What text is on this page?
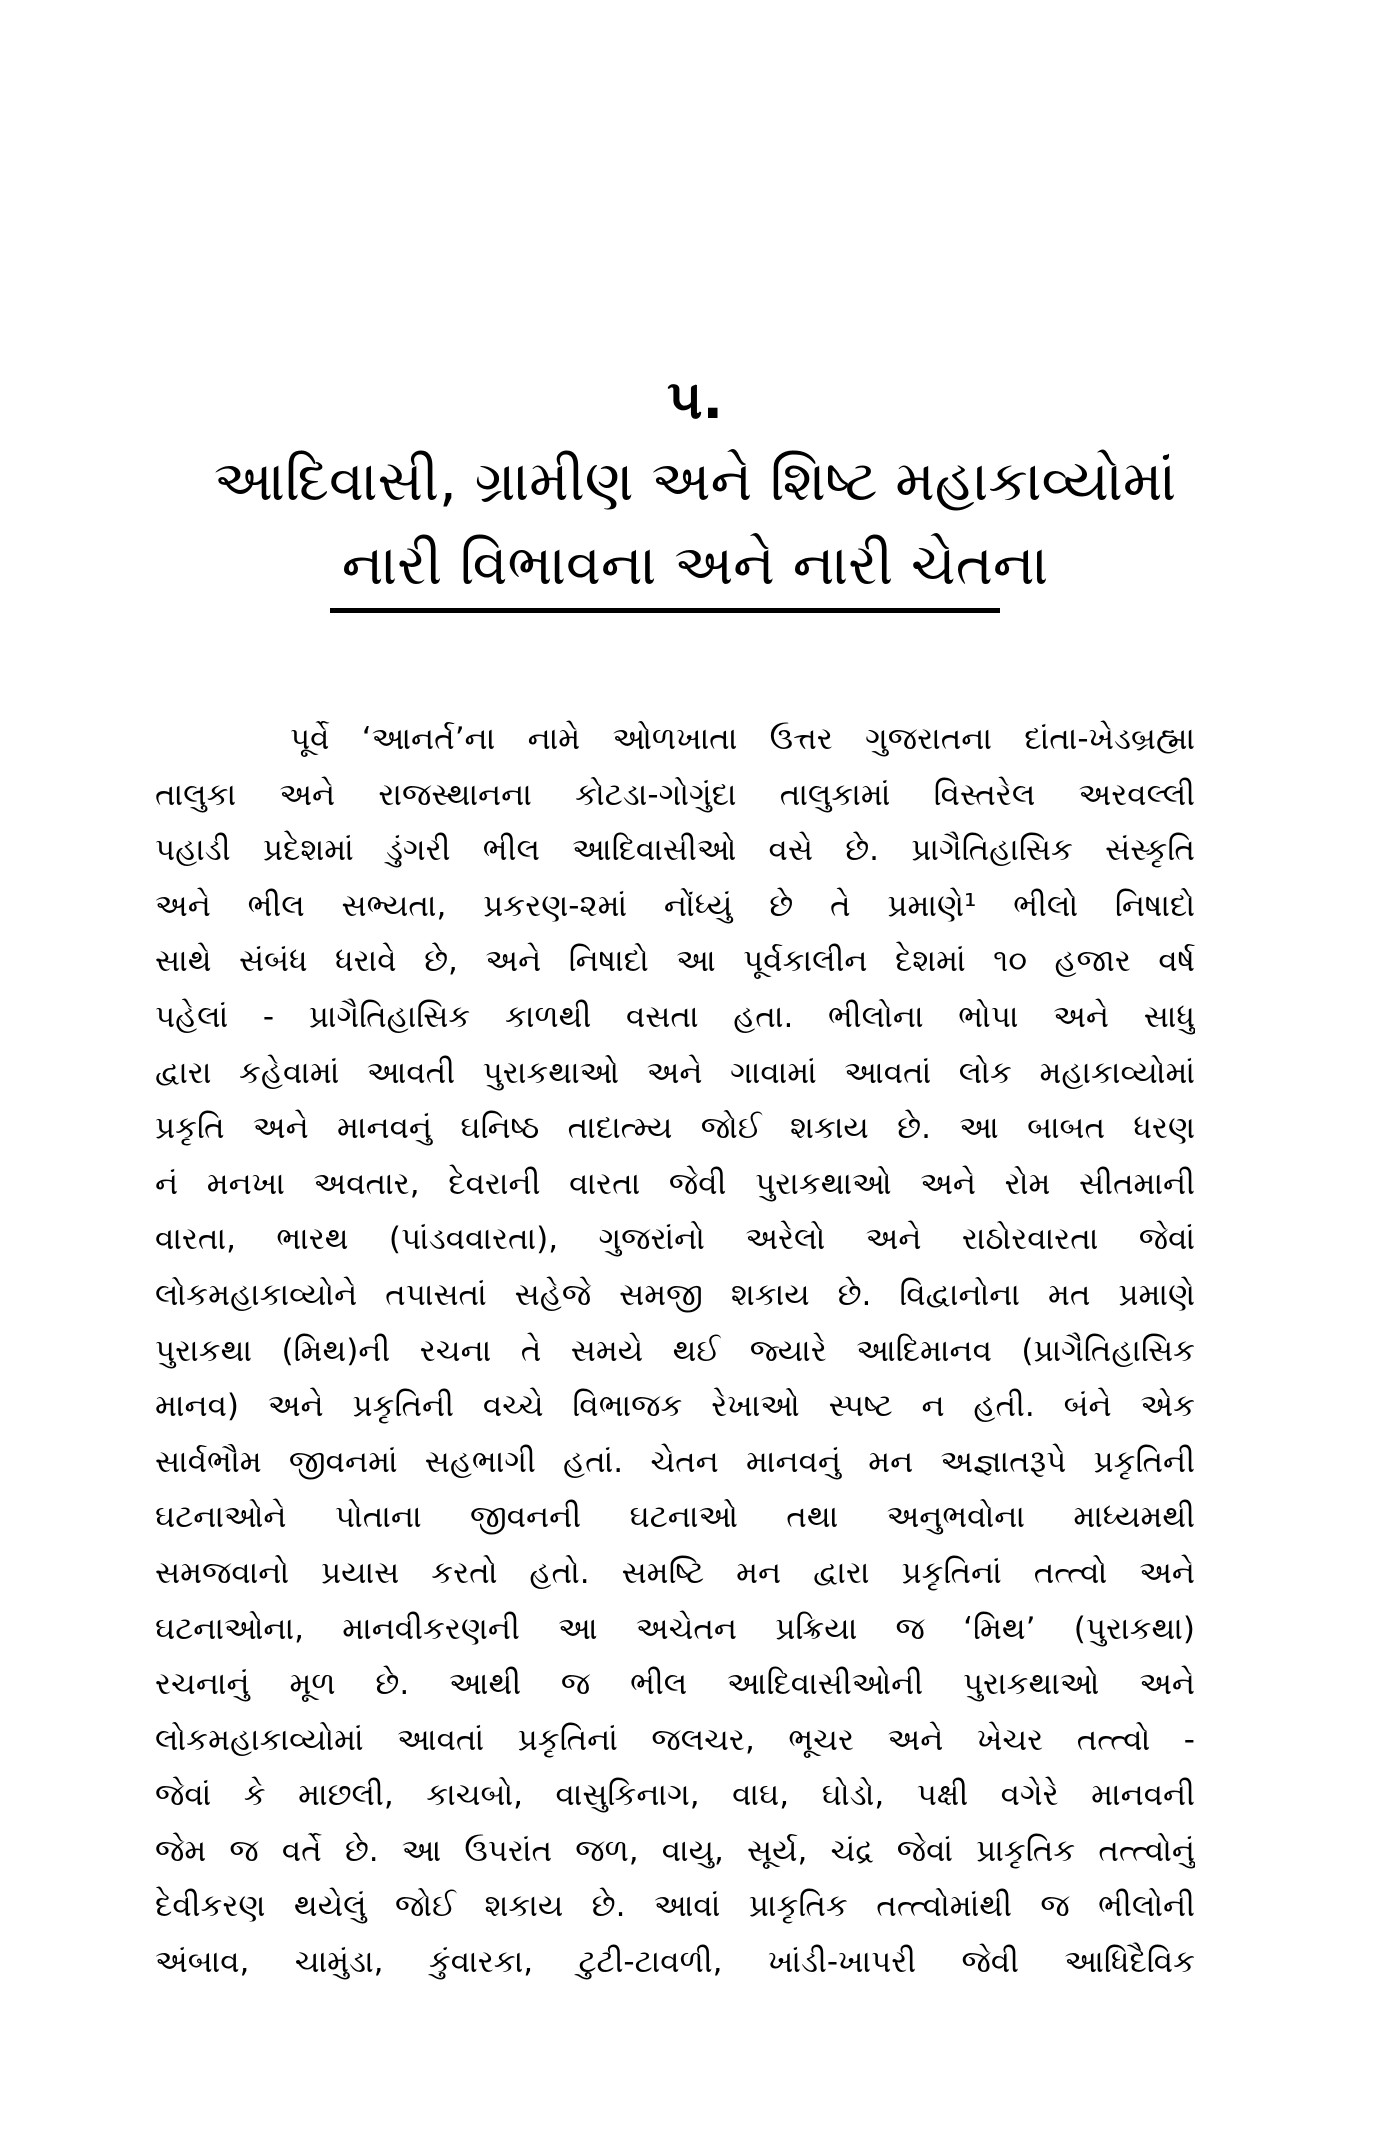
૫.
આદિવાસી, ગ્રામીણ અને શિષ્ટ મહાકાવ્યોમાં
નારી વિભાવના અને નારી ચેતના
પૂર્વે ‘આનર્ત’ના નામે ઓળખાતા ઉત્તર ગુજરાતના દાંતા-ખેડબ્રહ્મા
તાલુકા અને રાજસ્થાનના કોટડા-ગોગુંદા તાલુકામાં વિસ્તરેલ અરવલ્લી
પહાડી પ્રદેશમાં ડુંગરી ભીલ આદિવાસીઓ વસે છે. પ્રાગૈતિહાસિક સંસ્કૃતિ
અને ભીલ સભ્યતા, પ્રકરણ-૨માં નોંધ્યું છે તે પ્રમાણે¹ ભીલો નિષાદો
સાથે સંબંધ ધરાવે છે, અને નિષાદો આ પૂર્વકાલીન દેશમાં ૧૦ હજાર વર્ષ
પહેલાં - પ્રાગૈતિહાસિક કાળથી વસતા હતા. ભીલોના ભોપા અને સાધુ
દ્વારા કહેવામાં આવતી પુરાકથાઓ અને ગાવામાં આવતાં લોક મહાકાવ્યોમાં
પ્રકૃતિ અને માનવનું ઘનિષ્ઠ તાદાત્મ્ય જોઈ શકાય છે. આ બાબત ધરણ
નં મનખા અવતાર, દેવરાની વારતા જેવી પુરાકથાઓ અને રોમ સીતમાની
વારતા, ભારથ (પાંડવવારતા), ગુજરાંનો અરેલો અને રાઠોરવારતા જેવાં
લોકમહાકાવ્યોને તપાસતાં સહેજે સમજી શકાય છે. વિદ્વાનોના મત પ્રમાણે
પુરાકથા (મિથ)ની રચના તે સમયે થઈ જ્યારે આદિમાનવ (પ્રાગૈતિહાસિક
માનવ) અને પ્રકૃતિની વચ્ચે વિભાજક રેખાઓ સ્પષ્ટ ન હતી. બંને એક
સાર્વભૌમ જીવનમાં સહભાગી હતાં. ચેતન માનવનું મન અજ્ઞાતરૂપે પ્રકૃતિની
ઘટનાઓને પોતાના જીવનની ઘટનાઓ તથા અનુભવોના માધ્યમથી
સમજવાનો પ્રયાસ કરતો હતો. સમષ્ટિ મન દ્વારા પ્રકૃતિનાં તત્ત્વો અને
ઘટનાઓના, માનવીકરણની આ અચેતન પ્રક્રિયા જ ‘મિથ’ (પુરાકથા)
રચનાનું મૂળ છે. આથી જ ભીલ આદિવાસીઓની પુરાકથાઓ અને
લોકમહાકાવ્યોમાં આવતાં પ્રકૃતિનાં જલચર, ભૂચર અને ખેચર તત્ત્વો -
જેવાં કે માછલી, કાચબો, વાસુકિનાગ, વાઘ, ઘોડો, પક્ષી વગેરે માનવની
જેમ જ વર્તે છે. આ ઉપરાંત જળ, વાયુ, સૂર્ય, ચંદ્ર જેવાં પ્રાકૃતિક તત્ત્વોનું
દેવીકરણ થયેલું જોઈ શકાય છે. આવાં પ્રાકૃતિક તત્ત્વોમાંથી જ ભીલોની
અંબાવ, ચામુંડા, કુંવારકા, ટુટી-ટાવળી, ખાંડી-ખાપરી જેવી આધિદૈવિક
